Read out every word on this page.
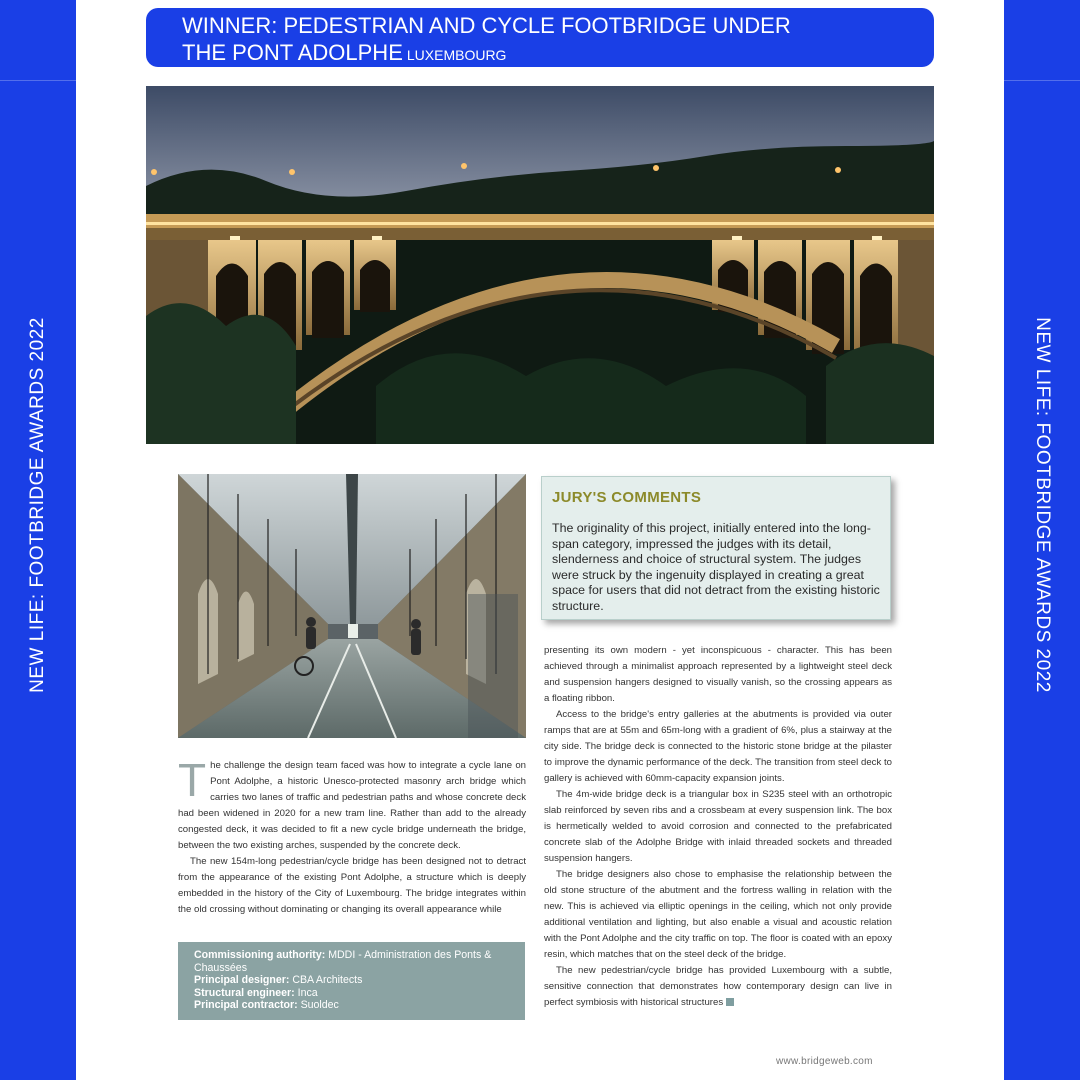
NEW LIFE: FOOTBRIDGE AWARDS 2022	NEW LIFE: FOOTBRIDGE AWARDS 2022
WINNER: PEDESTRIAN AND CYCLE FOOTBRIDGE UNDER
THE PONT ADOLPHE LUXEMBOURG
JURY'S COMMENTS

The originality of this project, initially entered into the long-span category, impressed the judges with its detail, slenderness and choice of structural system. The judges were struck by the ingenuity displayed in creating a great space for users that did not detract from the existing historic structure.

The challenge the design team faced was how to integrate a cycle lane on Pont Adolphe, a historic Unesco-protected masonry arch bridge which carries two lanes of traffic and pedestrian paths and whose concrete deck had been widened in 2020 for a new tram line. Rather than add to the already congested deck, it was decided to fit a new cycle bridge underneath the bridge, between the two existing arches, suspended by the concrete deck.

The new 154m-long pedestrian/cycle bridge has been designed not to detract from the appearance of the existing Pont Adolphe, a structure which is deeply embedded in the history of the City of Luxembourg. The bridge integrates within the old crossing without dominating or changing its overall appearance while

presenting its own modern - yet inconspicuous - character. This has been achieved through a minimalist approach represented by a lightweight steel deck and suspension hangers designed to visually vanish, so the crossing appears as a floating ribbon.

Access to the bridge's entry galleries at the abutments is provided via outer ramps that are at 55m and 65m-long with a gradient of 6%, plus a stairway at the city side. The bridge deck is connected to the historic stone bridge at the pilaster to improve the dynamic performance of the deck. The transition from steel deck to gallery is achieved with 60mm-capacity expansion joints.

The 4m-wide bridge deck is a triangular box in S235 steel with an orthotropic slab reinforced by seven ribs and a crossbeam at every suspension link. The box is hermetically welded to avoid corrosion and connected to the prefabricated concrete slab of the Adolphe Bridge with inlaid threaded sockets and threaded suspension hangers.

The bridge designers also chose to emphasise the relationship between the old stone structure of the abutment and the fortress walling in relation with the new. This is achieved via elliptic openings in the ceiling, which not only provide additional ventilation and lighting, but also enable a visual and acoustic relation with the Pont Adolphe and the city traffic on top. The floor is coated with an epoxy resin, which matches that on the steel deck of the bridge.

The new pedestrian/cycle bridge has provided Luxembourg with a subtle, sensitive connection that demonstrates how contemporary design can live in perfect symbiosis with historical structures

Commissioning authority: MDDI - Administration des Ponts & Chaussées
Principal designer: CBA Architects
Structural engineer: Inca
Principal contractor: Suoldec
www.bridgeweb.com
